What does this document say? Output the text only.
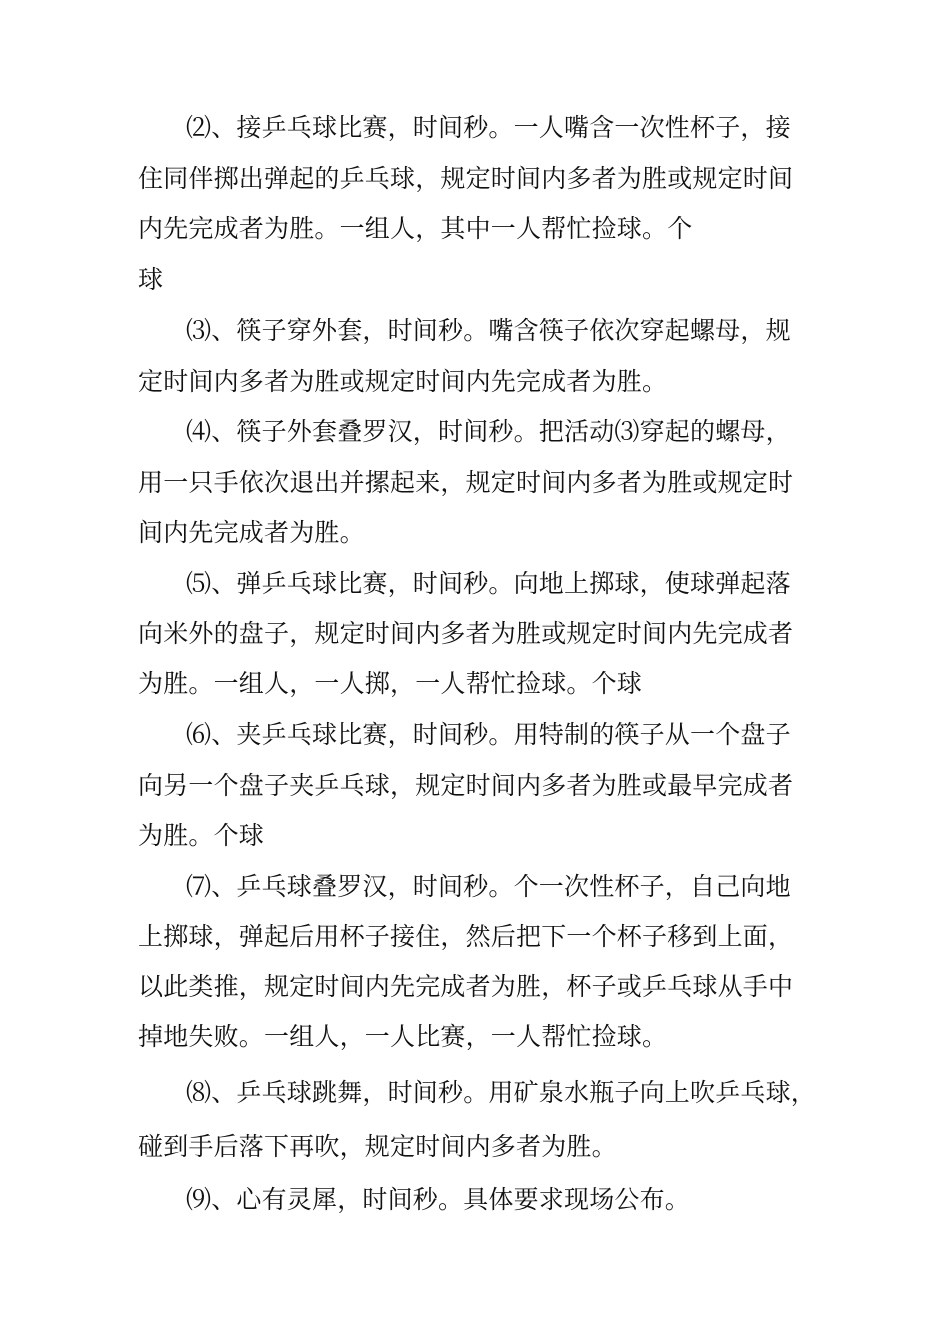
⑵、接乒乓球比赛，时间秒。一人嘴含一次性杯子，接
住同伴掷出弹起的乒乓球，规定时间内多者为胜或规定时间
内先完成者为胜。一组人，其中一人帮忙捡球。个
球
⑶、筷子穿外套，时间秒。嘴含筷子依次穿起螺母，规
定时间内多者为胜或规定时间内先完成者为胜。
⑷、筷子外套叠罗汉，时间秒。把活动⑶穿起的螺母，
用一只手依次退出并摞起来，规定时间内多者为胜或规定时
间内先完成者为胜。
⑸、弹乒乓球比赛，时间秒。向地上掷球，使球弹起落
向米外的盘子，规定时间内多者为胜或规定时间内先完成者
为胜。一组人，一人掷，一人帮忙捡球。个球
⑹、夹乒乓球比赛，时间秒。用特制的筷子从一个盘子
向另一个盘子夹乒乓球，规定时间内多者为胜或最早完成者
为胜。个球
⑺、乒乓球叠罗汉，时间秒。个一次性杯子，自己向地
上掷球，弹起后用杯子接住，然后把下一个杯子移到上面，
以此类推，规定时间内先完成者为胜，杯子或乒乓球从手中
掉地失败。一组人，一人比赛，一人帮忙捡球。
⑻、乒乓球跳舞，时间秒。用矿泉水瓶子向上吹乒乓球，
碰到手后落下再吹，规定时间内多者为胜。
⑼、心有灵犀，时间秒。具体要求现场公布。
